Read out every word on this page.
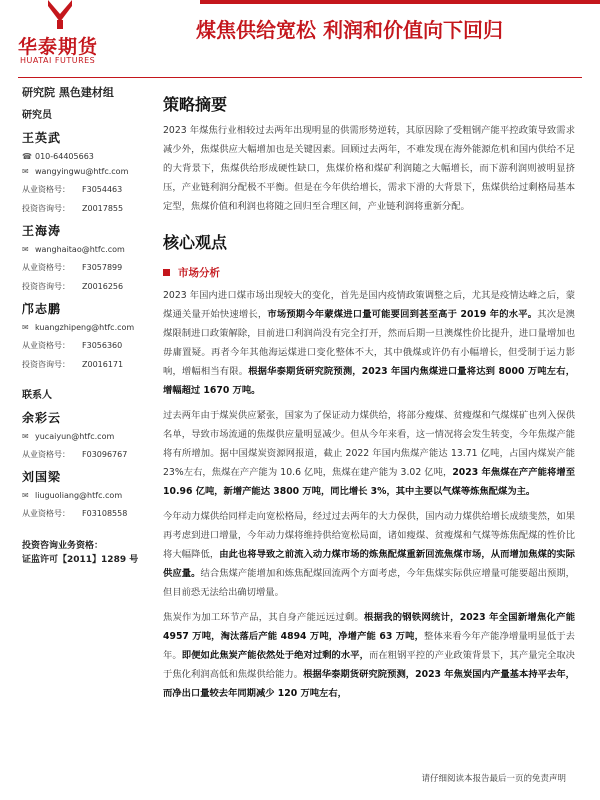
华泰期货
HUATAI FUTURES
煤焦供给宽松 利润和价值向下回归
研究院 黑色建材组
研究员
王英武
☎ 010-64405663
✉ wangyingwu@htfc.com
从业资格号： F3054463
投资咨询号： Z0017855
王海涛
✉ wanghaitao@htfc.com
从业资格号： F3057899
投资咨询号： Z0016256
邝志鹏
✉ kuangzhipeng@htfc.com
从业资格号： F3056360
投资咨询号： Z0016171
联系人
余彩云
✉ yucaiyun@htfc.com
从业资格号： F03096767
刘国梁
✉ liuguoliang@htfc.com
从业资格号： F03108558
投资咨询业务资格：
证监许可【2011】1289 号
策略摘要

2023 年煤焦行业相较过去两年出现明显的供需形势逆转，其原因除了受粗钢产能平控政策导致需求减少外，焦煤供应大幅增加也是关键因素。回顾过去两年，不难发现在海外能源危机和国内供给不足的大背景下，焦煤供给形成硬性缺口，焦煤价格和煤矿利润随之大幅增长，而下游利润则被明显挤压，产业链利润分配极不平衡。但是在今年供给增长，需求下滑的大背景下，焦煤供给过剩格局基本定型，焦煤价值和利润也将随之回归至合理区间，产业链利润将重新分配。

核心观点
市场分析

2023 年国内进口煤市场出现较大的变化，首先是国内疫情政策调整之后，尤其是疫情达峰之后，蒙煤通关量开始快速增长，市场预期今年蒙煤进口量可能要回到甚至高于 2019 年的水平。其次是澳煤限制进口政策解除，目前进口利润尚没有完全打开，然而后期一旦澳煤性价比提升，进口量增加也毋庸置疑。再者今年其他海运煤进口变化整体不大，其中俄煤或许仍有小幅增长，但受制于运力影响，增幅相当有限。根据华泰期货研究院预测，2023 年国内焦煤进口量将达到 8000 万吨左右，增幅超过 1670 万吨。

过去两年由于煤炭供应紧张，国家为了保证动力煤供给，将部分瘦煤、贫瘦煤和气煤煤矿也列入保供名单，导致市场流通的焦煤供应量明显减少。但从今年来看，这一情况将会发生转变，今年焦煤产能将有所增加。据中国煤炭资源网报道，截止 2022 年国内焦煤产能达 13.71 亿吨，占国内煤炭产能 23%左右，焦煤在产产能为 10.6 亿吨，焦煤在建产能为 3.02 亿吨，2023 年焦煤在产产能将增至 10.96 亿吨，新增产能达 3800 万吨，同比增长 3%，其中主要以气煤等炼焦配煤为主。

今年动力煤供给同样走向宽松格局，经过过去两年的大力保供，国内动力煤供给增长成绩斐然，如果再考虑到进口增量，今年动力煤将维持供给宽松局面，诸如瘦煤、贫瘦煤和气煤等炼焦配煤的性价比将大幅降低，由此也将导致之前流入动力煤市场的炼焦配煤重新回流焦煤市场，从而增加焦煤的实际供应量。结合焦煤产能增加和炼焦配煤回流两个方面考虑，今年焦煤实际供应增量可能要超出预期，但目前恐无法给出确切增量。

焦炭作为加工环节产品，其自身产能远远过剩。根据我的钢铁网统计，2023 年全国新增焦化产能 4957 万吨，淘汰落后产能 4894 万吨，净增产能 63 万吨，整体来看今年产能净增量明显低于去年。即便如此焦炭产能依然处于绝对过剩的水平，而在粗钢平控的产业政策背景下，其产量完全取决于焦化利润高低和焦煤供给能力。根据华泰期货研究院预测，2023 年焦炭国内产量基本持平去年，而净出口量较去年同期减少 120 万吨左右，

请仔细阅读本报告最后一页的免责声明
